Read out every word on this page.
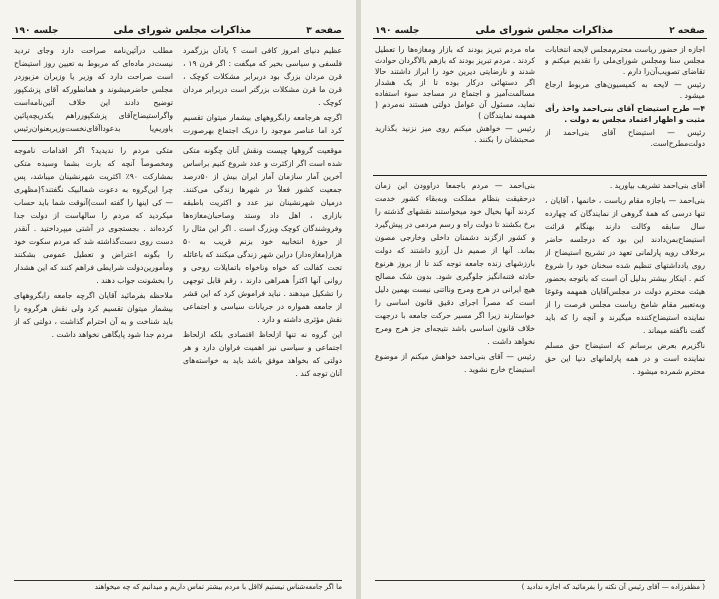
صفحه ۳
مذاکرات مجلس شورای ملی
جلسه ۱۹۰

عظیم دنیای امروز کافی است ؟ یادآن بزرگمرد فلسفی و سیاسی بخیر که میگفت : اگر قرن ۱۹ ، قرن مردان بزرگ بود دربرابر مشکلات کوچک ، قرن ما قرن مشکلات بزرگتر است دربرابر مردان کوچک .

اگرچه هرجامعه رابگروههای بیشمار میتوان تقسیم کرد اما عناصر موجود را دریک اجتماع بهرصورت

مطلب درآئین‌نامه صراحت دارد وجای تردید نیست‌در ماده‌ای که مربوط به تعیین روز استیضاح است صراحت دارد که وزیر یا وزیران مزبوردر مجلس حاضرمیشوند و همانطورکه آقای پزشکپور توضیح دادند این خلاف آئین‌نامه‌است واگراستیضاح‌آقای پزشکپورراهم یکدریچه‌پائین یاوریم‌یا بدعوداآقای‌نخست‌وزیربعنوان‌رئیس

موقعیت گروهها چیست ونقش آنان چگونه متکی شده است اگر ازکثرت و عدد شروع کنیم براساس آخرین آمار سازمان آمار ایران بیش از ۵۰درصد جمعیت کشور فعلاً در شهرها زندگی می‌کنند. درمیان شهرنشینان نیز عدد و اکثریت باطبقه بازاری ، اهل داد وستد وصاحبان‌مغازه‌ها وفروشندگان کوچک وبزرگ است . اگر این مثال را از حوزهٔ انتخابیه خود بزنم قریب به ۵۰ هزار(مغازه‌دار) دراین شهر زندگی میکنند که باعائله تحت کفالت که خواه وناخواه باتمایلات روحی و روانی آنها اکثراً همراهی دارند ، رقم قابل توجهی را تشکیل میدهند . نباید فراموش کرد که این قشر از جامعه همواره در جریانات سیاسی و اجتماعی نقش مؤثری داشته و دارد .

این گروه نه تنها ازلحاظ اقتصادی بلکه ازلحاظ اجتماعی و سیاسی نیز اهمیت فراوان دارد و هر دولتی که بخواهد موفق باشد باید به خواسته‌های آنان توجه کند .

متکی مردم را ندیدید؟ اگر اقدامات ناموجه ومخصوصاً آنچه که بارت بشما وسیده متکی بمشارکت ۹۰٪ اکثریت شهرنشینان میباشد، پس چرا این‌گروه به دعوت شمالبیک نگفتند؟(مظهری — کی اینها را گفته است)آنوقت شما باید حساب میکردید که مردم را سالهاست از دولت جدا کرده‌اند . بجستجوی در آشتی میپرداختید . آنقدر دست روی دست‌گذاشته شد که مردم سکوت خود را بگونه اعتراض و تعطیل عمومی بشکنند ومأمورین‌دولت شرایطی فراهم کنند که این هشدار را بخشونت جواب دهند .

ملاحظه بفرمائید آقایان اگرچه جامعه رابگروههای بیشمار میتوان تقسیم کرد ولی نقش هرگروه را باید شناخت و به آن احترام گذاشت ، دولتی که از مردم جدا شود پایگاهی نخواهد داشت .

ما اگر جامعه‌شناس نیستیم لااقل با مردم بیشتر تماس داریم و میدانیم که چه میخواهند
صفحه ۲
مذاکرات مجلس شورای ملی
جلسه ۱۹۰

اجازه از حضور ریاست محترم‌مجلس لایحه انتخابات مجلس سنا ومجلس شورای‌ملی را تقدیم میکنم و تقاضای تصویب‌آن‌را دارم .

رئیس — لایحه به کمیسیون‌های مربوط ارجاع میشود .

۴— طرح استیضاح آقای بنی‌احمد واخذ رأی مثبت و اظهار اعتماد مجلس به دولت .

رئیس — استیضاح آقای بنی‌احمد از دولت‌مطرح‌است.

ماه مردم تبریز بودند که بازار ومغازه‌ها را تعطیل کردند . مردم تبریز بودند که بازهم بالاگردان حوادث شدند و نارضایتی دیرین خود را ابراز داشتند حالا اگر دستهائی درکار بوده تا از یک هشدار مسالمت‌آمیز و اجتماع در مساجد سوء استفاده نماید، مسئول آن عوامل دولتی هستند نه‌مردم ( همهمه نمایندگان )

رئیس — خواهش میکنم روی میز نزنید بگذارید صحبتشان را بکنند .

آقای بنی‌احمد تشریف بیاورید .

بنی‌احمد — باجازه مقام ریاست ، خانمها ، آقایان ، تنها درسی که همهٔ گروهی از نمایندگان که چهارده سال سابقه وکالت دارند بهنگام قرائت استیضاح‌بمن‌دادند این بود که درجلسه حاضر برخلاف رویه پارلمانی تعهد در تشریح استیضاح از روی یادداشتهای تنظیم شده سخنان خود را شروع کنم . اینکار بیشتر بدلیل آن است که باتوجه بحضور هیئت محترم دولت در مجلس‌آقایان همهمه وغوغا وبه‌تعبیر مقام شامخ ریاست مجلس فرصت را از نماینده استیضاح‌کننده میگیرند و آنچه را که باید گفت ناگفته میماند .

ناگزیرم بعرض برسانم که استیضاح حق مسلم نماینده است و در همه پارلمانهای دنیا این حق محترم شمرده میشود .

بنی‌احمد — مردم باجمعا دراوودن این زمان درحقیقت بنظام مملکت وبه‌بقاء کشور خدمت کردند آنها بخیال خود میخواستند نقشهای گذشته را برخ بکشند تا دولت راه و رسم مردمی در پیش‌گیرد و کشور ازگزند دشمنان داخلی وخارجی مصون بماند. آنها از صمیم دل آرزو داشتند که دولت بارزشهای زنده جامعه توجه کند تا از بروز هرنوع حادثه فتنه‌انگیز جلوگیری شود. بدون شک مصالح هیچ ایرانی در هرج ومرج ونااتنی نیست بهمین دلیل است که مصراً اجرای دقیق قانون اساسی را خواستارند زیرا اگر مسیر حرکت جامعه با درجهت خلاف قانون اساسی باشد نتیجه‌ای جز هرج ومرج نخواهد داشت .

رئیس — آقای بنی‌احمد خواهش میکنم از موضوع استیضاح خارج نشوید .

( مظفرزاده — آقای رئیس آن نکته را بفرمائید که اجازه ندادید )
